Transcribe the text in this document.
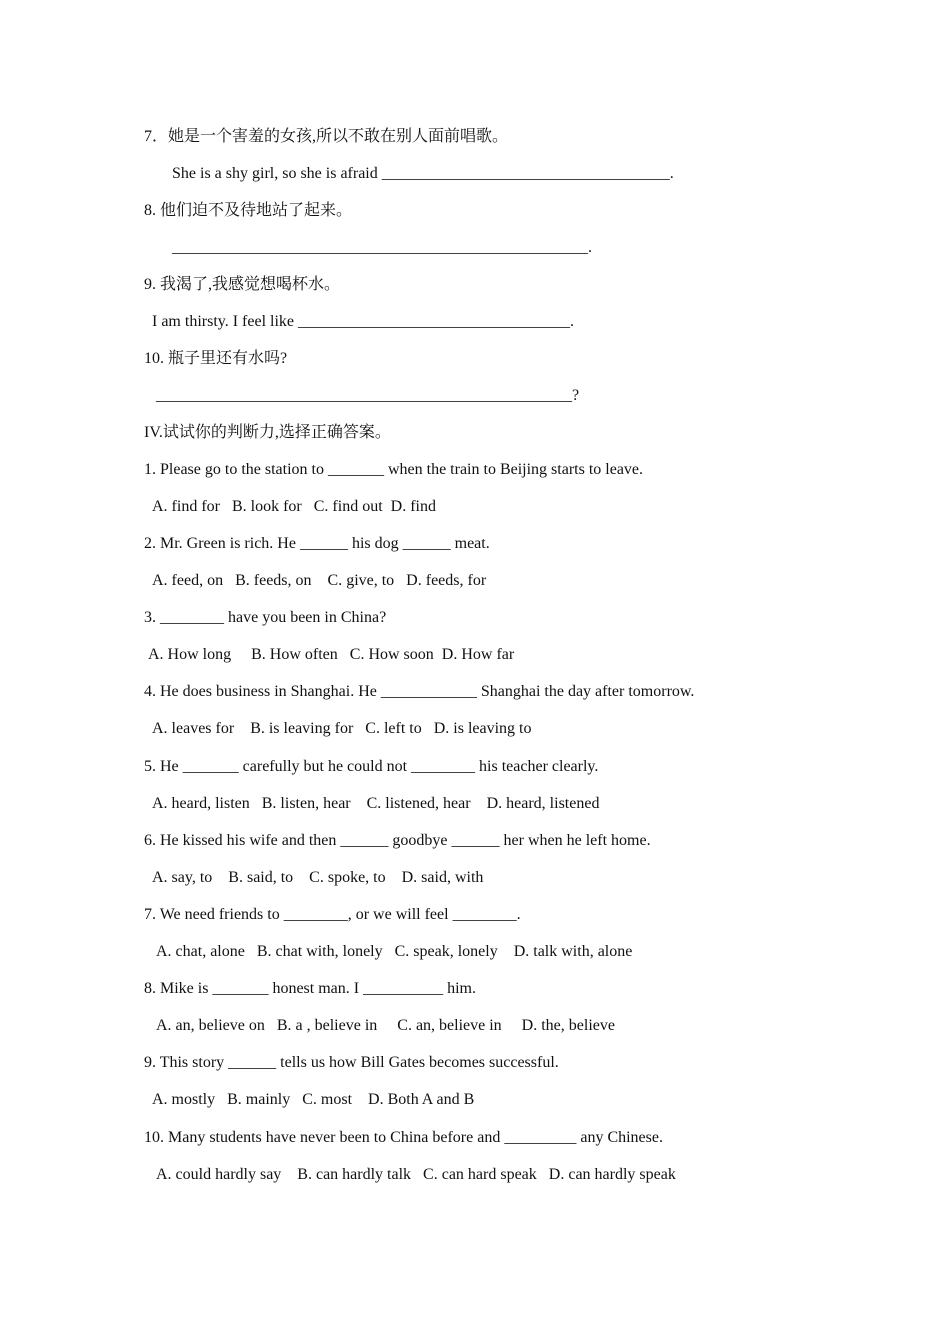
7．她是一个害羞的女孩,所以不敢在别人面前唱歌。
She is a shy girl, so she is afraid ____________________________________.
8. 他们迫不及待地站了起来。
____________________________________________________.
9. 我渴了,我感觉想喝杯水。
I am thirsty. I feel like __________________________________.
10. 瓶子里还有水吗?
____________________________________________________?
IV.试试你的判断力,选择正确答案。
1. Please go to the station to _______ when the train to Beijing starts to leave.
A. find for   B. look for   C. find out  D. find
2. Mr. Green is rich. He ______ his dog ______ meat.
A. feed, on   B. feeds, on    C. give, to   D. feeds, for
3. ________ have you been in China?
A. How long     B. How often   C. How soon  D. How far
4. He does business in Shanghai. He ____________ Shanghai the day after tomorrow.
A. leaves for    B. is leaving for   C. left to   D. is leaving to
5. He _______ carefully but he could not ________ his teacher clearly.
A. heard, listen   B. listen, hear    C. listened, hear    D. heard, listened
6. He kissed his wife and then ______ goodbye ______ her when he left home.
A. say, to    B. said, to    C. spoke, to    D. said, with
7. We need friends to ________, or we will feel ________.
A. chat, alone   B. chat with, lonely   C. speak, lonely    D. talk with, alone
8. Mike is _______ honest man. I __________ him.
A. an, believe on   B. a , believe in     C. an, believe in     D. the, believe
9. This story ______ tells us how Bill Gates becomes successful.
A. mostly   B. mainly   C. most    D. Both A and B
10. Many students have never been to China before and _________ any Chinese.
A. could hardly say    B. can hardly talk   C. can hard speak   D. can hardly speak
